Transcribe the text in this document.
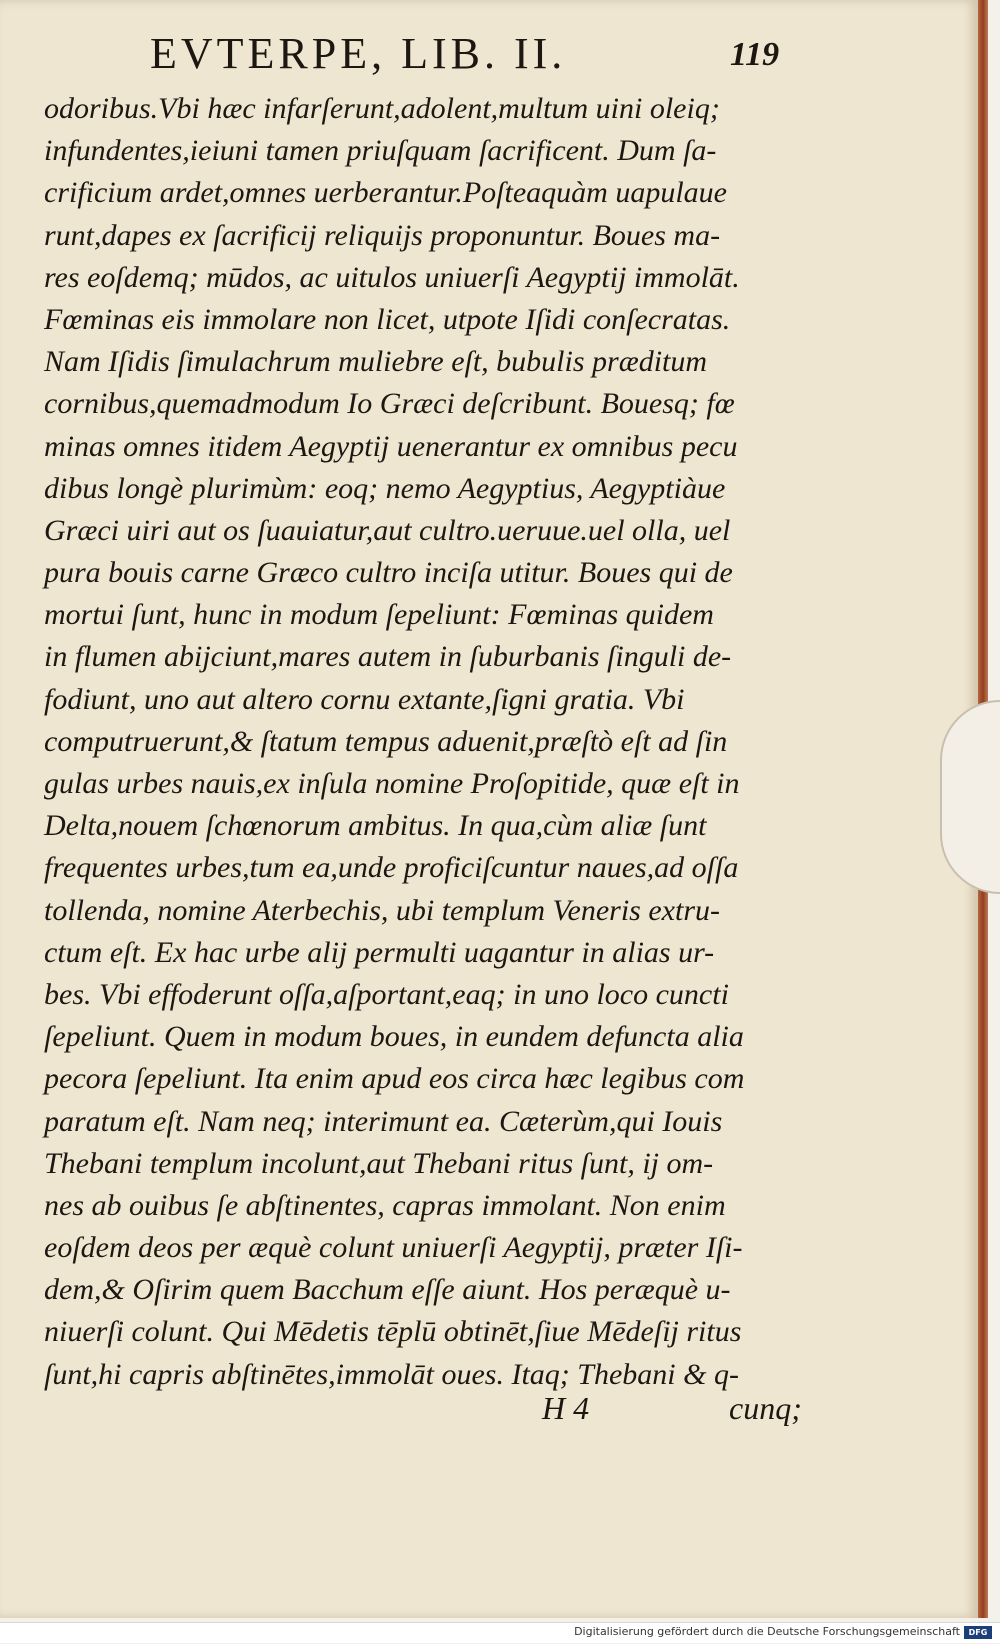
EVTERPE, LIB. II.	119
odoribus.Vbi hæc infarſerunt,adolent,multum uini oleiq;
infundentes,ieiuni tamen priuſquam ſacrificent. Dum ſa-
crificium ardet,omnes uerberantur.Poſteaquàm uapulaue
runt,dapes ex ſacrificij reliquijs proponuntur. Boues ma-
res eoſdemq; mūdos, ac uitulos uniuerſi Aegyptij immolāt.
Fœminas eis immolare non licet, utpote Iſidi conſecratas.
Nam Iſidis ſimulachrum muliebre eſt, bubulis præditum
cornibus,quemadmodum Io Græci deſcribunt. Bouesq; fœ
minas omnes itidem Aegyptij uenerantur ex omnibus pecu
dibus longè plurimùm: eoq; nemo Aegyptius, Aegyptiàue
Græci uiri aut os ſuauiatur,aut cultro.ueruue.uel olla, uel
pura bouis carne Græco cultro inciſa utitur. Boues qui de
mortui ſunt, hunc in modum ſepeliunt: Fœminas quidem
in flumen abijciunt,mares autem in ſuburbanis ſinguli de-
fodiunt, uno aut altero cornu extante,ſigni gratia. Vbi
computruerunt,& ſtatum tempus aduenit,præſtò eſt ad ſin
gulas urbes nauis,ex inſula nomine Proſopitide, quæ eſt in
Delta,nouem ſchœnorum ambitus. In qua,cùm aliæ ſunt
frequentes urbes,tum ea,unde proficiſcuntur naues,ad oſſa
tollenda, nomine Aterbechis, ubi templum Veneris extru-
ctum eſt. Ex hac urbe alij permulti uagantur in alias ur-
bes. Vbi effoderunt oſſa,aſportant,eaq; in uno loco cuncti
ſepeliunt. Quem in modum boues, in eundem defuncta alia
pecora ſepeliunt. Ita enim apud eos circa hæc legibus com
paratum eſt. Nam neq; interimunt ea. Cæterùm,qui Iouis
Thebani templum incolunt,aut Thebani ritus ſunt, ij om-
nes ab ouibus ſe abſtinentes, capras immolant. Non enim
eoſdem deos per æquè colunt uniuerſi Aegyptij, præter Iſi-
dem,& Oſirim quem Bacchum eſſe aiunt. Hos peræquè u-
niuerſi colunt. Qui Mēdetis tēplū obtinēt,ſiue Mēdeſij ritus
ſunt,hi capris abſtinētes,immolāt oues. Itaq; Thebani & q-
H 4	cunq;
Digitalisierung gefördert durch die Deutsche Forschungsgemeinschaft	DFG
